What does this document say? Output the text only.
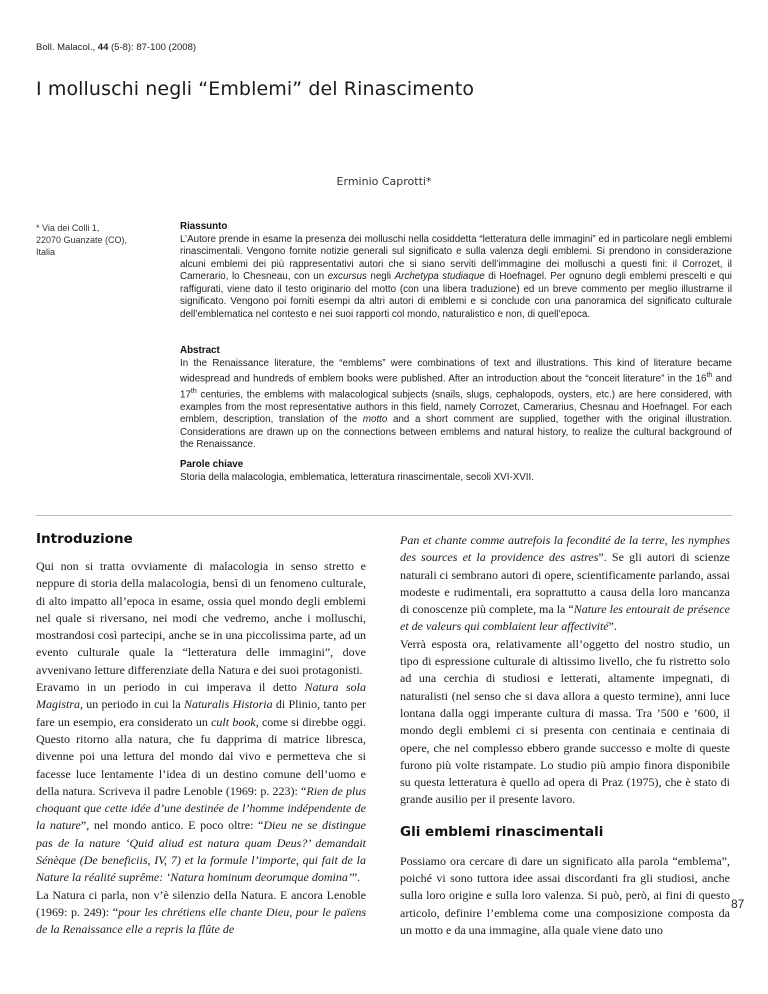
Boll. Malacol., 44 (5-8): 87-100 (2008)
I molluschi negli “Emblemi” del Rinascimento
Erminio Caprotti*
* Via dei Colli 1,
22070 Guanzate (CO),
Italia
Riassunto

L’Autore prende in esame la presenza dei molluschi nella cosiddetta “letteratura delle immagini” ed in particolare negli emblemi rinascimentali. Vengono fornite notizie generali sul significato e sulla valenza degli emblemi. Si prendono in considerazione alcuni emblemi dei più rappresentativi autori che si siano serviti dell’immagine dei molluschi a questi fini: il Corrozet, il Camerario, lo Chesneau, con un excursus negli Archetypa studiaque di Hoefnagel. Per ognuno degli emblemi prescelti e qui raffigurati, viene dato il testo originario del motto (con una libera traduzione) ed un breve commento per meglio illustrarne il significato. Vengono poi forniti esempi da altri autori di emblemi e si conclude con una panoramica del significato culturale dell’emblematica nel contesto e nei suoi rapporti col mondo, naturalistico e non, di quell’epoca.

Abstract

In the Renaissance literature, the “emblems” were combinations of text and illustrations. This kind of literature became widespread and hundreds of emblem books were published. After an introduction about the “conceit literature” in the 16th and 17th centuries, the emblems with malacological subjects (snails, slugs, cephalopods, oysters, etc.) are here considered, with examples from the most representative authors in this field, namely Corrozet, Camerarius, Chesnau and Hoefnagel. For each emblem, description, translation of the motto and a short comment are supplied, together with the original illustration. Considerations are drawn up on the connections between emblems and natural history, to realize the cultural background of the Renaissance.

Parole chiave

Storia della malacologia, emblematica, letteratura rinascimentale, secoli XVI-XVII.

Introduzione

Qui non si tratta ovviamente di malacologia in senso stretto e neppure di storia della malacologia, bensì di un fenomeno culturale, di alto impatto all’epoca in esame, ossia quel mondo degli emblemi nel quale si riversano, nei modi che vedremo, anche i molluschi, mostrandosi così partecipi, anche se in una piccolissima parte, ad un evento culturale quale la “letteratura delle immagini”, dove avvenivano letture differenziate della Natura e dei suoi protagonisti.

Eravamo in un periodo in cui imperava il detto Natura sola Magistra, un periodo in cui la Naturalis Historia di Plinio, tanto per fare un esempio, era considerato un cult book, come si direbbe oggi. Questo ritorno alla natura, che fu dapprima di matrice libresca, divenne poi una lettura del mondo dal vivo e permetteva che si facesse luce lentamente l’idea di un destino comune dell’uomo e della natura. Scriveva il padre Lenoble (1969: p. 223): “Rien de plus choquant que cette idée d’une destinée de l’homme indépendente de la nature”, nel mondo antico. E poco oltre: “Dieu ne se distingue pas de la nature ‘Quid aliud est natura quam Deus?’ demandait Sénèque (De beneficiis, IV, 7) et la formule l’importe, qui fait de la Nature la réalité suprême: ‘Natura hominum deorumque domina’”.

La Natura ci parla, non v’è silenzio della Natura. E ancora Lenoble (1969: p. 249): “pour les chrétiens elle chante Dieu, pour le païens de la Renaissance elle a repris la flûte de

Pan et chante comme autrefois la fecondité de la terre, les nymphes des sources et la providence des astres”. Se gli autori di scienze naturali ci sembrano autori di opere, scientificamente parlando, assai modeste e rudimentali, era soprattutto a causa della loro mancanza di conoscenze più complete, ma la “Nature les entourait de présence et de valeurs qui comblaient leur affectivité”.

Verrà esposta ora, relativamente all’oggetto del nostro studio, un tipo di espressione culturale di altissimo livello, che fu ristretto solo ad una cerchia di studiosi e letterati, altamente impegnati, di naturalisti (nel senso che si dava allora a questo termine), anni luce lontana dalla oggi imperante cultura di massa. Tra ’500 e ’600, il mondo degli emblemi ci si presenta con centinaia e centinaia di opere, che nel complesso ebbero grande successo e molte di queste furono più volte ristampate. Lo studio più ampio finora disponibile su questa letteratura è quello ad opera di Praz (1975), che è stato di grande ausilio per il presente lavoro.

Gli emblemi rinascimentali

Possiamo ora cercare di dare un significato alla parola “emblema”, poiché vi sono tuttora idee assai discordanti fra gli studiosi, anche sulla loro origine e sulla loro valenza. Si può, però, ai fini di questo articolo, definire l’emblema come una composizione composta da un motto e da una immagine, alla quale viene dato uno

87
